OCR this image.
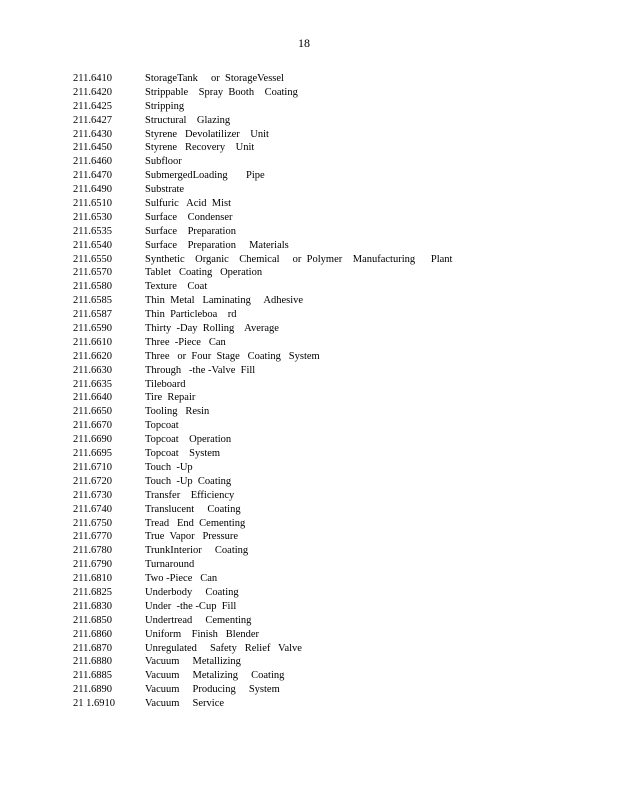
18
211.6410	StorageTank     or  StorageVessel
211.6420	Strippable    Spray  Booth    Coating
211.6425	Stripping
211.6427	Structural    Glazing
211.6430	Styrene   Devolatilizer    Unit
211.6450	Styrene   Recovery    Unit
211.6460	Subfloor
211.6470	SubmergedLoading       Pipe
211.6490	Substrate
211.6510	Sulfuric   Acid  Mist
211.6530	Surface    Condenser
211.6535	Surface    Preparation
211.6540	Surface    Preparation     Materials
211.6550	Synthetic    Organic    Chemical     or  Polymer    Manufacturing      Plant
211.6570	Tablet   Coating   Operation
211.6580	Texture    Coat
211.6585	Thin  Metal   Laminating     Adhesive
211.6587	Thin  Particleboa    rd
211.6590	Thirty  -Day  Rolling    Average
211.6610	Three  -Piece   Can
211.6620	Three   or  Four  Stage   Coating   System
211.6630	Through   -the -Valve  Fill
211.6635	Tileboard
211.6640	Tire  Repair
211.6650	Tooling   Resin
211.6670	Topcoat
211.6690	Topcoat    Operation
211.6695	Topcoat    System
211.6710	Touch  -Up
211.6720	Touch  -Up  Coating
211.6730	Transfer    Efficiency
211.6740	Translucent     Coating
211.6750	Tread   End  Cementing
211.6770	True  Vapor   Pressure
211.6780	TrunkInterior     Coating
211.6790	Turnaround
211.6810	Two -Piece   Can
211.6825	Underbody     Coating
211.6830	Under  -the -Cup  Fill
211.6850	Undertread     Cementing
211.6860	Uniform    Finish   Blender
211.6870	Unregulated     Safety   Relief   Valve
211.6880	Vacuum     Metallizing
211.6885	Vacuum     Metalizing     Coating
211.6890	Vacuum     Producing     System
21 1.6910	Vacuum     Service
